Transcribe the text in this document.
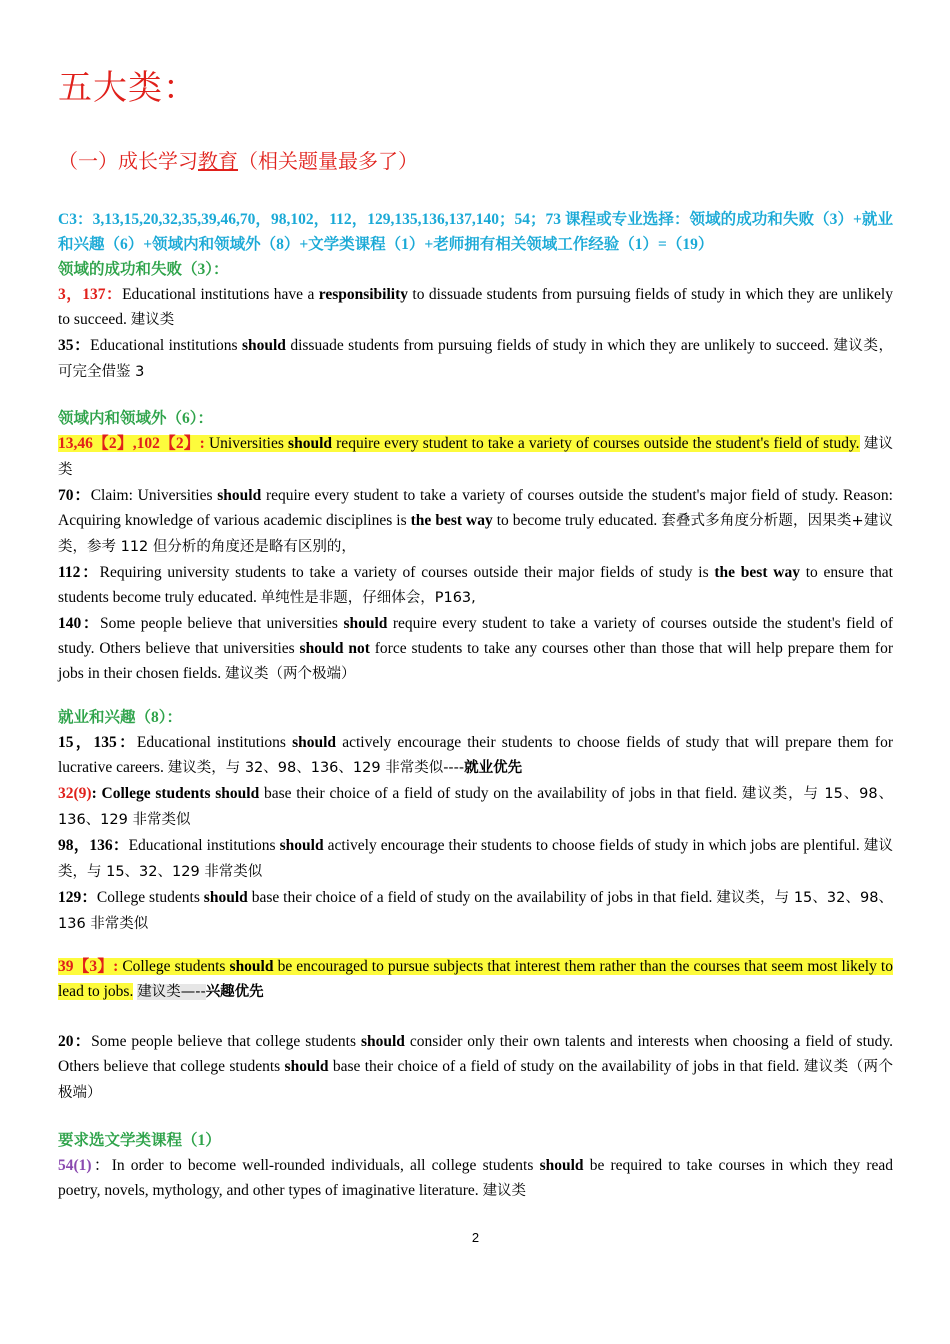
五大类：
（一）成长学习教育（相关题量最多了）

C3：3,13,15,20,32,35,39,46,70，98,102，112，129,135,136,137,140；54；73 课程或专业选择：领域的成功和失败（3）+就业和兴趣（6）+领域内和领域外（8）+文学类课程（1）+老师拥有相关领域工作经验（1）=（19）

领域的成功和失败（3）：

3，137：Educational institutions have a responsibility to dissuade students from pursuing fields of study in which they are unlikely to succeed. 建议类

35：Educational institutions should dissuade students from pursuing fields of study in which they are unlikely to succeed. 建议类，可完全借鉴 3

领域内和领域外（6）：

13,46【2】,102【2】: Universities should require every student to take a variety of courses outside the student's field of study. 建议类

70：Claim: Universities should require every student to take a variety of courses outside the student's major field of study. Reason: Acquiring knowledge of various academic disciplines is the best way to become truly educated. 套叠式多角度分析题，因果类+建议类，参考 112 但分析的角度还是略有区别的，

112：Requiring university students to take a variety of courses outside their major fields of study is the best way to ensure that students become truly educated. 单纯性是非题，仔细体会，P163,

140：Some people believe that universities should require every student to take a variety of courses outside the student's field of study. Others believe that universities should not force students to take any courses other than those that will help prepare them for jobs in their chosen fields. 建议类（两个极端）

就业和兴趣（8）：

15，135：Educational institutions should actively encourage their students to choose fields of study that will prepare them for lucrative careers. 建议类，与 32、98、136、129 非常类似----就业优先

32(9): College students should base their choice of a field of study on the availability of jobs in that field. 建议类，与 15、98、136、129 非常类似

98，136：Educational institutions should actively encourage their students to choose fields of study in which jobs are plentiful. 建议类，与 15、32、129 非常类似

129：College students should base their choice of a field of study on the availability of jobs in that field. 建议类，与 15、32、98、136 非常类似

39【3】: College students should be encouraged to pursue subjects that interest them rather than the courses that seem most likely to lead to jobs. 建议类—--兴趣优先

20：Some people believe that college students should consider only their own talents and interests when choosing a field of study. Others believe that college students should base their choice of a field of study on the availability of jobs in that field. 建议类（两个极端）

要求选文学类课程（1）

54(1)：In order to become well-rounded individuals, all college students should be required to take courses in which they read poetry, novels, mythology, and other types of imaginative literature. 建议类

2
